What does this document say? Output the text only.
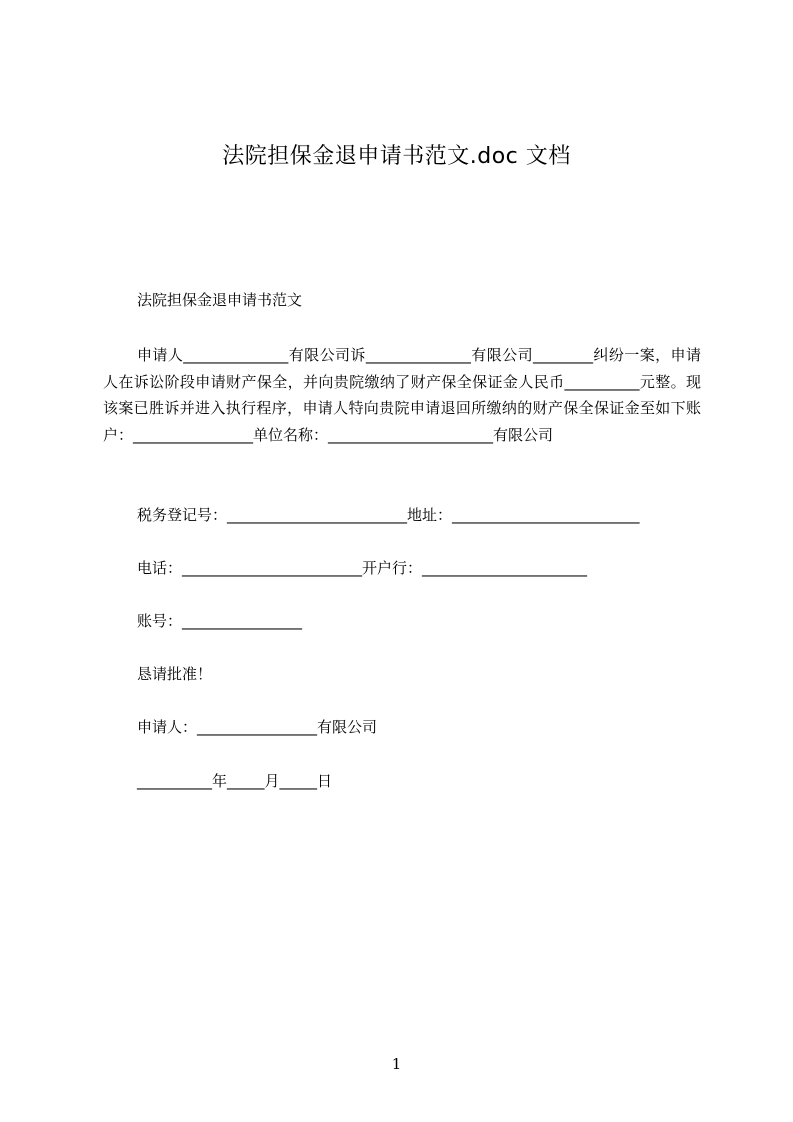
法院担保金退申请书范文.doc 文档
法院担保金退申请书范文
申请人______________有限公司诉______________有限公司________纠纷一案，申请人在诉讼阶段申请财产保全，并向贵院缴纳了财产保全保证金人民币__________元整。现该案已胜诉并进入执行程序，申请人特向贵院申请退回所缴纳的财产保全保证金至如下账户：________________单位名称：______________________有限公司
税务登记号：________________________地址：_________________________
电话：________________________开户行：______________________
账号：________________
恳请批准！
申请人：________________有限公司
__________年_____月_____日
1
